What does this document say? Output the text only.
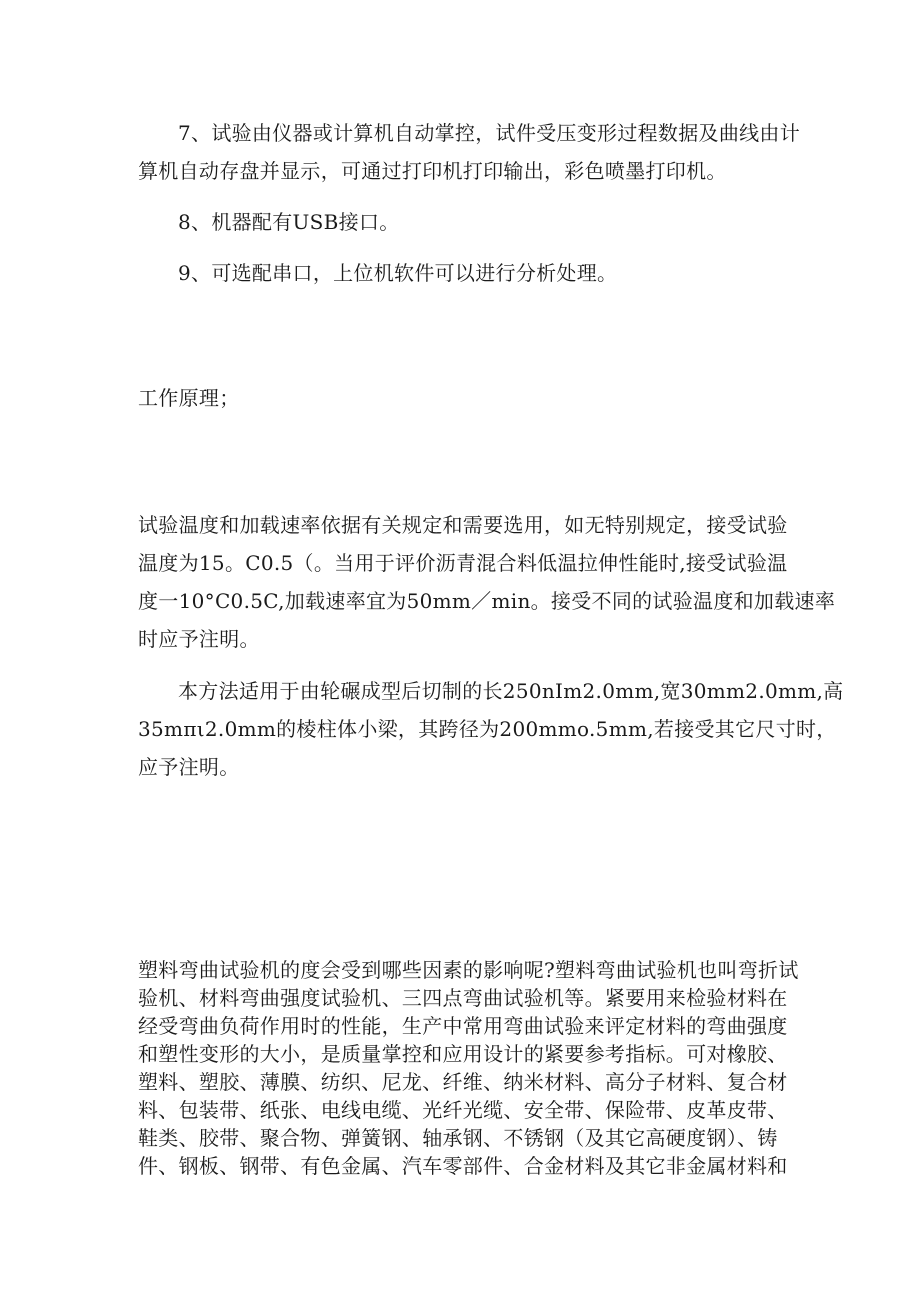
7、试验由仪器或计算机自动掌控，试件受压变形过程数据及曲线由计
算机自动存盘并显示，可通过打印机打印输出，彩色喷墨打印机。
8、机器配有USB接口。
9、可选配串口，上位机软件可以进行分析处理。
工作原理；
试验温度和加载速率依据有关规定和需要选用，如无特别规定，接受试验
温度为15。C0.5（。当用于评价沥青混合料低温拉伸性能时,接受试验温
度一10°C0.5C,加载速率宜为50mm／min。接受不同的试验温度和加载速率
时应予注明。
本方法适用于由轮碾成型后切制的长250nIm2.0mm,宽30mm2.0mm,高
35mπι2.0mm的棱柱体小梁，其跨径为200mmo.5mm,若接受其它尺寸时，
应予注明。
塑料弯曲试验机的度会受到哪些因素的影响呢?塑料弯曲试验机也叫弯折试
验机、材料弯曲强度试验机、三四点弯曲试验机等。紧要用来检验材料在
经受弯曲负荷作用时的性能，生产中常用弯曲试验来评定材料的弯曲强度
和塑性变形的大小，是质量掌控和应用设计的紧要参考指标。可对橡胶、
塑料、塑胶、薄膜、纺织、尼龙、纤维、纳米材料、高分子材料、复合材
料、包装带、纸张、电线电缆、光纤光缆、安全带、保险带、皮革皮带、
鞋类、胶带、聚合物、弹簧钢、轴承钢、不锈钢（及其它高硬度钢）、铸
件、钢板、钢带、有色金属、汽车零部件、合金材料及其它非金属材料和
